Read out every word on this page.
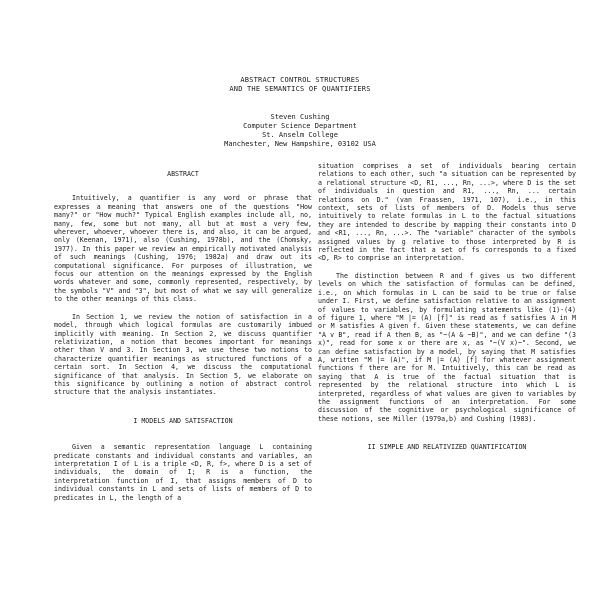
ABSTRACT CONTROL STRUCTURES
AND THE SEMANTICS OF QUANTIFIERS
Steven Cushing
Computer Science Department
St. Anselm College
Manchester, New Hampshire, 03102 USA
ABSTRACT

Intuitively, a quantifier is any word or phrase that expresses a meaning that answers one of the questions "How many?" or "How much?" Typical English examples include all, no, many, few, some but not many, all but at most a very few, wherever, whoever, whoever there is, and also, it can be argued, only (Keenan, 1971), also (Cushing, 1978b), and the (Chomsky, 1977). In this paper we review an empirically motivated analysis of such meanings (Cushing, 1976; 1982a) and draw out its computational significance. For purposes of illustration, we focus our attention on the meanings expressed by the English words whatever and some, commonly represented, respectively, by the symbols "V" and "3", but most of what we say will generalize to the other meanings of this class.

In Section 1, we review the notion of satisfaction in a model, through which logical formulas are customarily imbued implicitly with meaning. In Section 2, we discuss quantifier relativization, a notion that becomes important for meanings other than V and 3. In Section 3, we use these two notions to characterize quantifier meanings as structured functions of a certain sort. In Section 4, we discuss the computational significance of that analysis. In Section 5, we elaborate on this significance by outlining a notion of abstract control structure that the analysis instantiates.

I MODELS AND SATISFACTION

Given a semantic representation language L containing predicate constants and individual constants and variables, an interpretation I of L is a triple <D, R, f>, where D is a set of individuals, the domain of I; R is a function, the interpretation function of I, that assigns members of D to individual constants in L and sets of lists of members of D to predicates in L, the length of a

situation comprises a set of individuals bearing certain relations to each other, such "a situation can be represented by a relational structure <D, R1, ..., Rn, ...>, where D is the set of individuals in question and R1, ..., Rn, ... certain relations on D." (van Fraassen, 1971, 107), i.e., in this context, sets of lists of members of D. Models thus serve intuitively to relate formulas in L to the factual situations they are intended to describe by mapping their constants into D and <R1, ..., Rn, ...>. The "variable" character of the symbols assigned values by g relative to those interpreted by R is reflected in the fact that a set of fs corresponds to a fixed <D, R> to comprise an interpretation.

The distinction between R and f gives us two different levels on which the satisfaction of formulas can be defined, i.e., on which formulas in L can be said to be true or false under I. First, we define satisfaction relative to an assignment of values to variables, by formulating statements like (1)-(4) of figure 1, where "M |= (A) [f]" is read as f satisfies A in M or M satisfies A given f. Given these statements, we can define "A v B", read if A then B, as "~(A & ~B)", and we can define "(3 x)", read for some x or there are x, as "~(V x)~". Second, we can define satisfaction by a model, by saying that M satisfies A, written "M |= (A)", if M |= (A) [f] for whatever assignment functions f there are for M. Intuitively, this can be read as saying that A is true of the factual situation that is represented by the relational structure into which L is interpreted, regardless of what values are given to variables by the assignment functions of an interpretation. For some discussion of the cognitive or psychological significance of these notions, see Miller (1979a,b) and Cushing (1983).

II SIMPLE AND RELATIVIZED QUANTIFICATION
